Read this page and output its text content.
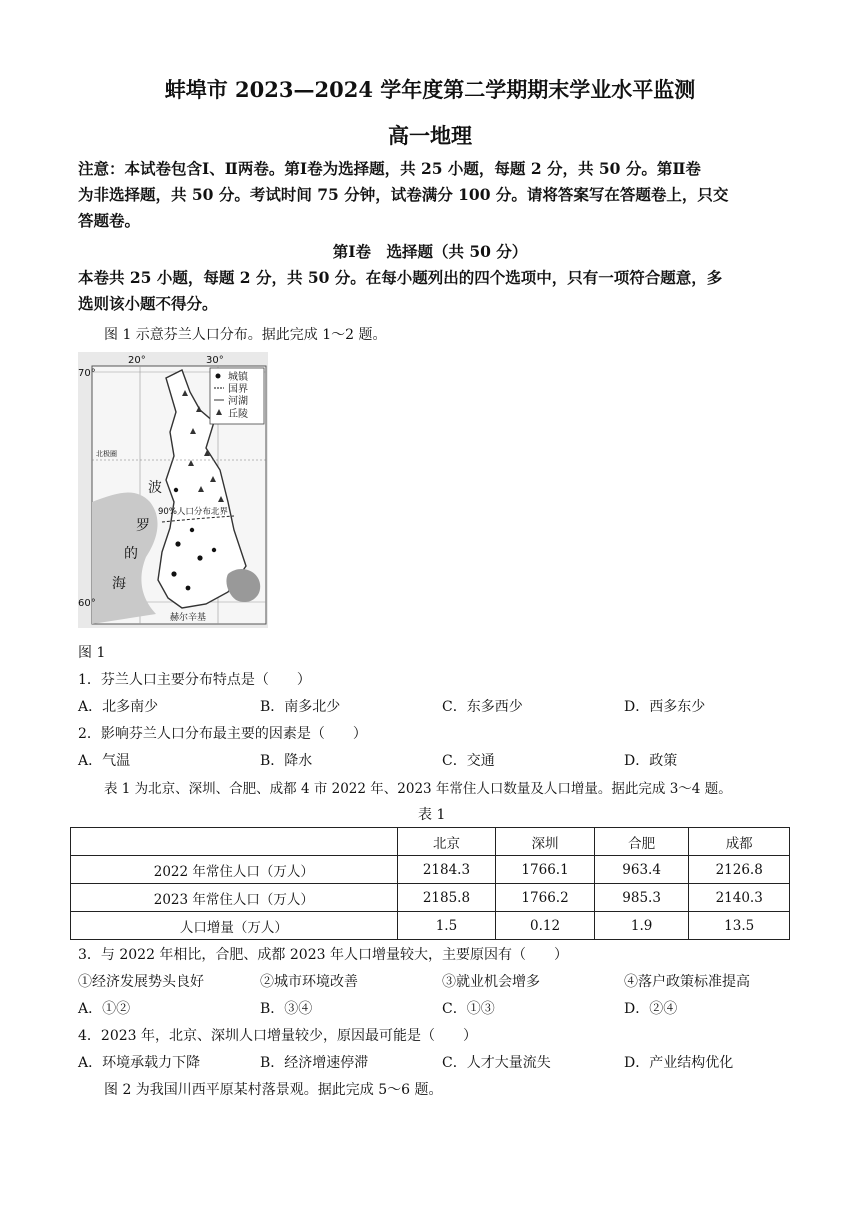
蚌埠市 2023—2024 学年度第二学期期末学业水平监测
高一地理
注意：本试卷包含Ⅰ、Ⅱ两卷。第Ⅰ卷为选择题，共 25 小题，每题 2 分，共 50 分。第Ⅱ卷
为非选择题，共 50 分。考试时间 75 分钟，试卷满分 100 分。请将答案写在答题卷上，只交
答题卷。
第Ⅰ卷　选择题（共 50 分）
本卷共 25 小题，每题 2 分，共 50 分。在每小题列出的四个选项中，只有一项符合题意，多
选则该小题不得分。
图 1 示意芬兰人口分布。据此完成 1～2 题。
城镇
国界
河湖
丘陵
20°	30°
70°
60°
北极圈
波
罗
的
海
90%人口分布北界
赫尔辛基
图 1
1．芬兰人口主要分布特点是（　　）
A．北多南少	B．南多北少	C．东多西少	D．西多东少
2．影响芬兰人口分布最主要的因素是（　　）
A．气温	B．降水	C．交通	D．政策
表 1 为北京、深圳、合肥、成都 4 市 2022 年、2023 年常住人口数量及人口增量。据此完成 3～4 题。
表 1
	北京	深圳	合肥	成都
2022 年常住人口（万人）	2184.3	1766.1	963.4	2126.8
2023 年常住人口（万人）	2185.8	1766.2	985.3	2140.3
人口增量（万人）	1.5	0.12	1.9	13.5
3．与 2022 年相比，合肥、成都 2023 年人口增量较大，主要原因有（　　）
①经济发展势头良好	②城市环境改善	③就业机会增多	④落户政策标准提高
A．①②	B．③④	C．①③	D．②④
4．2023 年，北京、深圳人口增量较少，原因最可能是（　　）
A．环境承载力下降	B．经济增速停滞	C．人才大量流失	D．产业结构优化
图 2 为我国川西平原某村落景观。据此完成 5～6 题。
